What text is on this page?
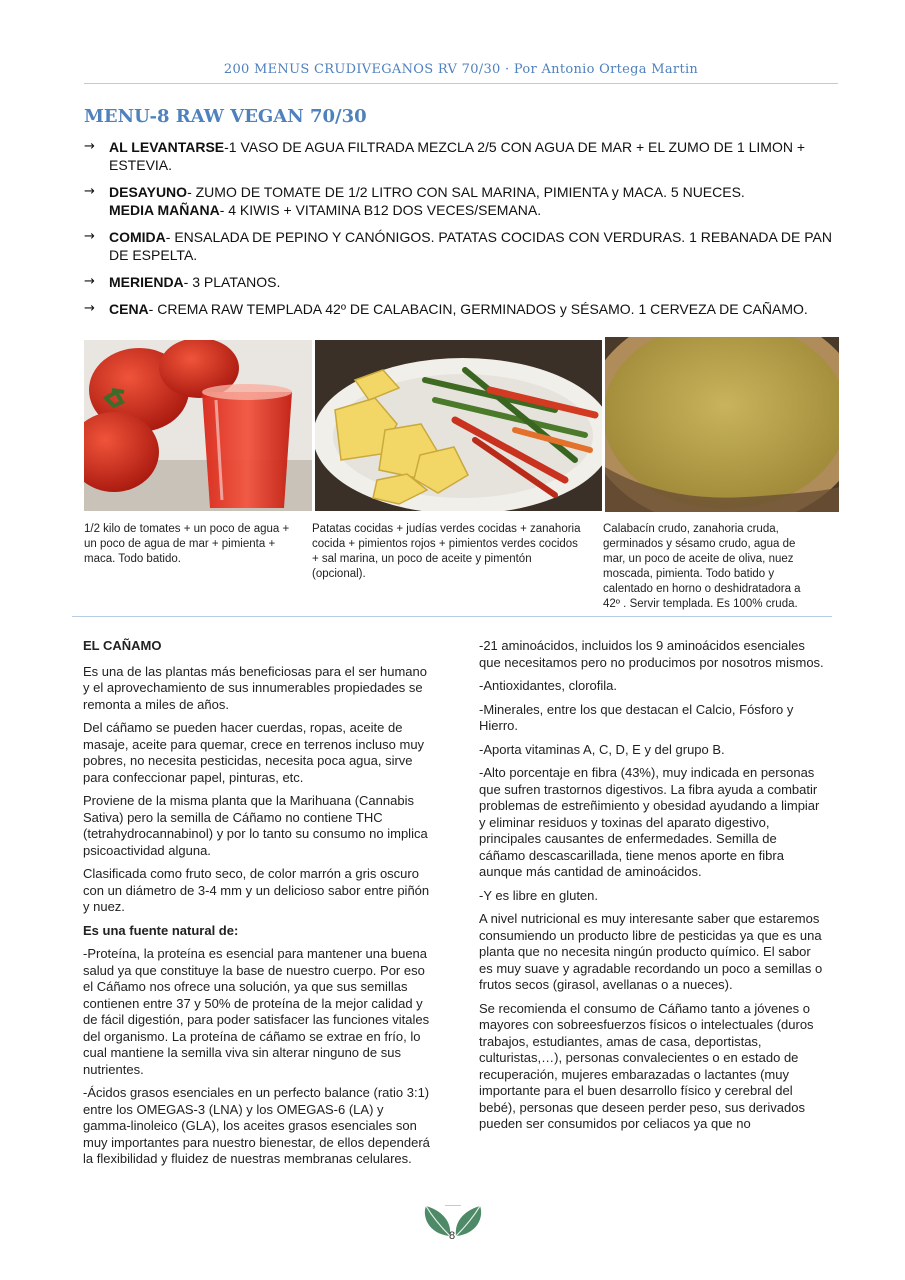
200 MENUS CRUDIVEGANOS RV 70/30 · Por Antonio Ortega Martin
MENU-8 RAW VEGAN 70/30
→	AL LEVANTARSE-1 VASO DE AGUA FILTRADA MEZCLA 2/5 CON AGUA DE MAR + EL ZUMO DE 1 LIMON + ESTEVIA.
→	DESAYUNO- ZUMO DE TOMATE DE 1/2 LITRO CON SAL MARINA, PIMIENTA y MACA. 5 NUECES.
MEDIA MAÑANA- 4 KIWIS + VITAMINA B12 DOS VECES/SEMANA.
→	COMIDA- ENSALADA DE PEPINO Y CANÓNIGOS. PATATAS COCIDAS CON VERDURAS. 1 REBANADA DE PAN DE ESPELTA.
→	MERIENDA- 3 PLATANOS.
→	CENA- CREMA RAW TEMPLADA 42º DE CALABACIN, GERMINADOS y SÉSAMO. 1 CERVEZA DE CAÑAMO.
1/2 kilo de tomates + un poco de agua + un poco de agua de mar + pimienta + maca. Todo batido.
Patatas cocidas + judías verdes cocidas + zanahoria cocida + pimientos rojos + pimientos verdes cocidos + sal marina, un poco de aceite y pimentón (opcional).
Calabacín crudo, zanahoria cruda, germinados y sésamo crudo, agua de mar, un poco de aceite de oliva, nuez moscada, pimienta. Todo batido y calentado en horno o deshidratadora a 42º . Servir templada. Es 100% cruda.

EL CAÑAMO

Es una de las plantas más beneficiosas para el ser humano y el aprovechamiento de sus innumerables propiedades se remonta a miles de años.

Del cáñamo se pueden hacer cuerdas, ropas, aceite de masaje, aceite para quemar, crece en terrenos incluso muy pobres, no necesita pesticidas, necesita poca agua, sirve para confeccionar papel, pinturas, etc.

Proviene de la misma planta que la Marihuana (Cannabis Sativa) pero la semilla de Cáñamo no contiene THC (tetrahydrocannabinol) y por lo tanto su consumo no implica psicoactividad alguna.

Clasificada como fruto seco, de color marrón a gris oscuro con un diámetro de 3-4 mm y un delicioso sabor entre piñón y nuez.

Es una fuente natural de:

-Proteína, la proteína es esencial para mantener una buena salud ya que constituye la base de nuestro cuerpo. Por eso el Cáñamo nos ofrece una solución, ya que sus semillas contienen entre 37 y 50% de proteína de la mejor calidad y de fácil digestión, para poder satisfacer las funciones vitales del organismo. La proteína de cáñamo se extrae en frío, lo cual mantiene la semilla viva sin alterar ninguno de sus nutrientes.

-Ácidos grasos esenciales en un perfecto balance (ratio 3:1) entre los OMEGAS-3 (LNA) y los OMEGAS-6 (LA) y gamma-linoleico (GLA), los aceites grasos esenciales son muy importantes para nuestro bienestar, de ellos dependerá la flexibilidad y fluidez de nuestras membranas celulares.

-21 aminoácidos, incluidos los 9 aminoácidos esenciales que necesitamos pero no producimos por nosotros mismos.

-Antioxidantes, clorofila.

-Minerales, entre los que destacan el Calcio, Fósforo y Hierro.

-Aporta vitaminas A, C, D, E y del grupo B.

-Alto porcentaje en fibra (43%), muy indicada en personas que sufren trastornos digestivos. La fibra ayuda a combatir problemas de estreñimiento y obesidad ayudando a limpiar y eliminar residuos y toxinas del aparato digestivo, principales causantes de enfermedades. Semilla de cáñamo descascarillada, tiene menos aporte en fibra aunque más cantidad de aminoácidos.

-Y es libre en gluten.

A nivel nutricional es muy interesante saber que estaremos consumiendo un producto libre de pesticidas ya que es una planta que no necesita ningún producto químico. El sabor es muy suave y agradable recordando un poco a semillas o frutos secos (girasol, avellanas o a nueces).

Se recomienda el consumo de Cáñamo tanto a jóvenes o mayores con sobreesfuerzos físicos o intelectuales (duros trabajos, estudiantes, amas de casa, deportistas, culturistas,…), personas convalecientes o en estado de recuperación, mujeres embarazadas o lactantes (muy importante para el buen desarrollo físico y cerebral del bebé), personas que deseen perder peso, sus derivados pueden ser consumidos por celiacos ya que no

8
